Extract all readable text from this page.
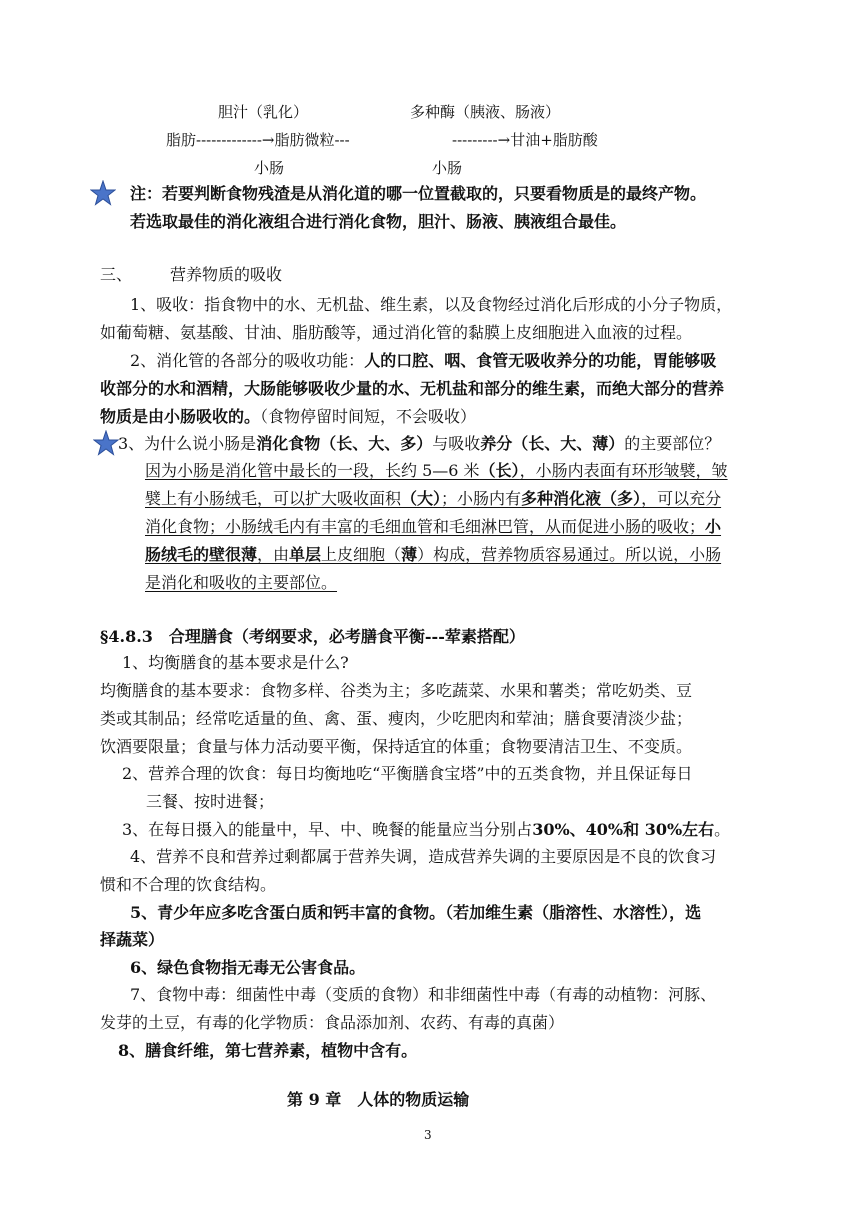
胆汁（乳化）	多种酶（胰液、肠液）
脂肪-------------→脂肪微粒---	---------→甘油+脂肪酸
小肠	小肠
注：若要判断食物残渣是从消化道的哪一位置截取的，只要看物质是的最终产物。
若选取最佳的消化液组合进行消化食物，胆汁、肠液、胰液组合最佳。
三、 营养物质的吸收
1、吸收：指食物中的水、无机盐、维生素，以及食物经过消化后形成的小分子物质，
如葡萄糖、氨基酸、甘油、脂肪酸等，通过消化管的黏膜上皮细胞进入血液的过程。
2、消化管的各部分的吸收功能：人的口腔、咽、食管无吸收养分的功能，胃能够吸
收部分的水和酒精，大肠能够吸收少量的水、无机盐和部分的维生素，而绝大部分的营养
物质是由小肠吸收的。（食物停留时间短，不会吸收）
3、为什么说小肠是消化食物（长、大、多）与吸收养分（长、大、薄）的主要部位？
因为小肠是消化管中最长的一段，长约 5—6 米（长），小肠内表面有环形皱襞，皱
襞上有小肠绒毛，可以扩大吸收面积（大）；小肠内有多种消化液（多），可以充分
消化食物；小肠绒毛内有丰富的毛细血管和毛细淋巴管，从而促进小肠的吸收；小
肠绒毛的壁很薄，由单层上皮细胞（薄）构成，营养物质容易通过。所以说，小肠
是消化和吸收的主要部位。
§4.8.3　合理膳食（考纲要求，必考膳食平衡---荤素搭配）
1、均衡膳食的基本要求是什么?
均衡膳食的基本要求：食物多样、谷类为主；多吃蔬菜、水果和薯类；常吃奶类、豆
类或其制品；经常吃适量的鱼、禽、蛋、瘦肉，少吃肥肉和荤油；膳食要清淡少盐；
饮酒要限量；食量与体力活动要平衡，保持适宜的体重；食物要清洁卫生、不变质。
2、营养合理的饮食：每日均衡地吃“平衡膳食宝塔”中的五类食物，并且保证每日
三餐、按时进餐；
3、在每日摄入的能量中，早、中、晚餐的能量应当分别占30%、40%和 30%左右。
4、营养不良和营养过剩都属于营养失调，造成营养失调的主要原因是不良的饮食习
惯和不合理的饮食结构。
5、青少年应多吃含蛋白质和钙丰富的食物。（若加维生素（脂溶性、水溶性），选
择蔬菜）
6、绿色食物指无毒无公害食品。
7、食物中毒：细菌性中毒（变质的食物）和非细菌性中毒（有毒的动植物：河豚、
发芽的土豆，有毒的化学物质：食品添加剂、农药、有毒的真菌）
8、膳食纤维，第七营养素，植物中含有。
第 9 章　人体的物质运输
3
